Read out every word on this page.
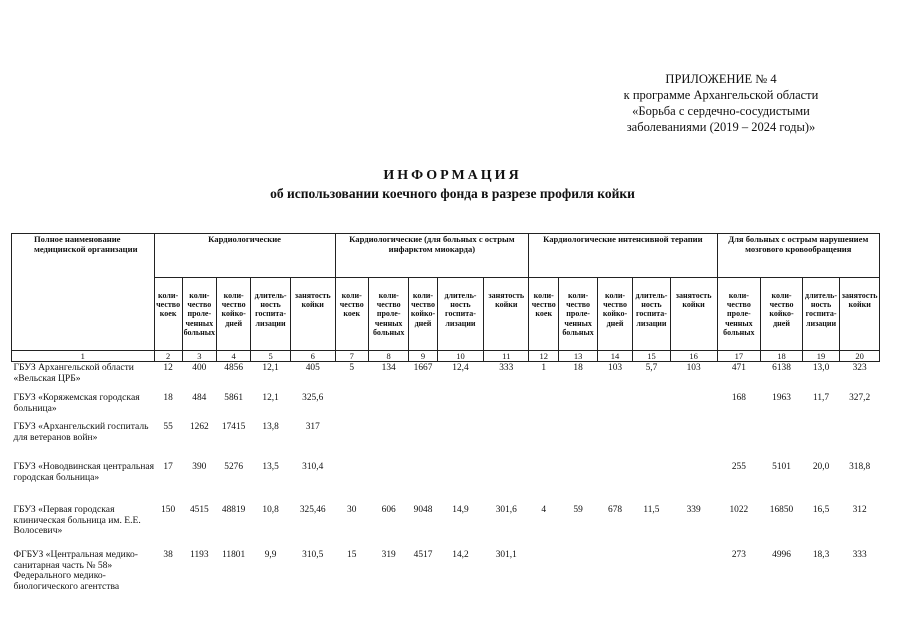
ПРИЛОЖЕНИЕ № 4
к программе Архангельской области
«Борьба с сердечно-сосудистыми
заболеваниями (2019 – 2024 годы)»
ИНФОРМАЦИЯ
об использовании коечного фонда в разрезе профиля койки
Полное наименование медицинской организации	Кардиологические					Кардиологические (для больных с острым инфарктом миокарда)					Кардиологические интенсивной терапии					Для больных с острым нарушением мозгового кровообращения			
	коли-чество коек	коли-чество проле-ченных больных	коли-чество койко-дней	длитель-ность госпита-лизации	занятость койки	коли-чество коек	коли-чество проле-ченных больных	коли-чество койко-дней	длитель-ность госпита-лизации	занятость койки	коли-чество коек	коли-чество проле-ченных больных	коли-чество койко-дней	длитель-ность госпита-лизации	занятость койки	коли-чество проле-ченных больных	коли-чество койко-дней	длитель-ность госпита-лизации	занятость койки
1	2	3	4	5	6	7	8	9	10	11	12	13	14	15	16	17	18	19	20
ГБУЗ Архангельской области «Вельская ЦРБ»	12	400	4856	12,1	405	5	134	1667	12,4	333	1	18	103	5,7	103	471	6138	13,0	323
ГБУЗ «Коряжемская городская больница»	18	484	5861	12,1	325,6											168	1963	11,7	327,2
ГБУЗ «Архангельский госпиталь для ветеранов войн»	55	1262	17415	13,8	317														
ГБУЗ «Новодвинская центральная городская больница»	17	390	5276	13,5	310,4											255	5101	20,0	318,8
ГБУЗ «Первая городская клиническая больница им. Е.Е. Волосевич»	150	4515	48819	10,8	325,46	30	606	9048	14,9	301,6	4	59	678	11,5	339	1022	16850	16,5	312
ФГБУЗ «Центральная медико-санитарная часть № 58» Федерального медико-биологического агентства	38	1193	11801	9,9	310,5	15	319	4517	14,2	301,1						273	4996	18,3	333
